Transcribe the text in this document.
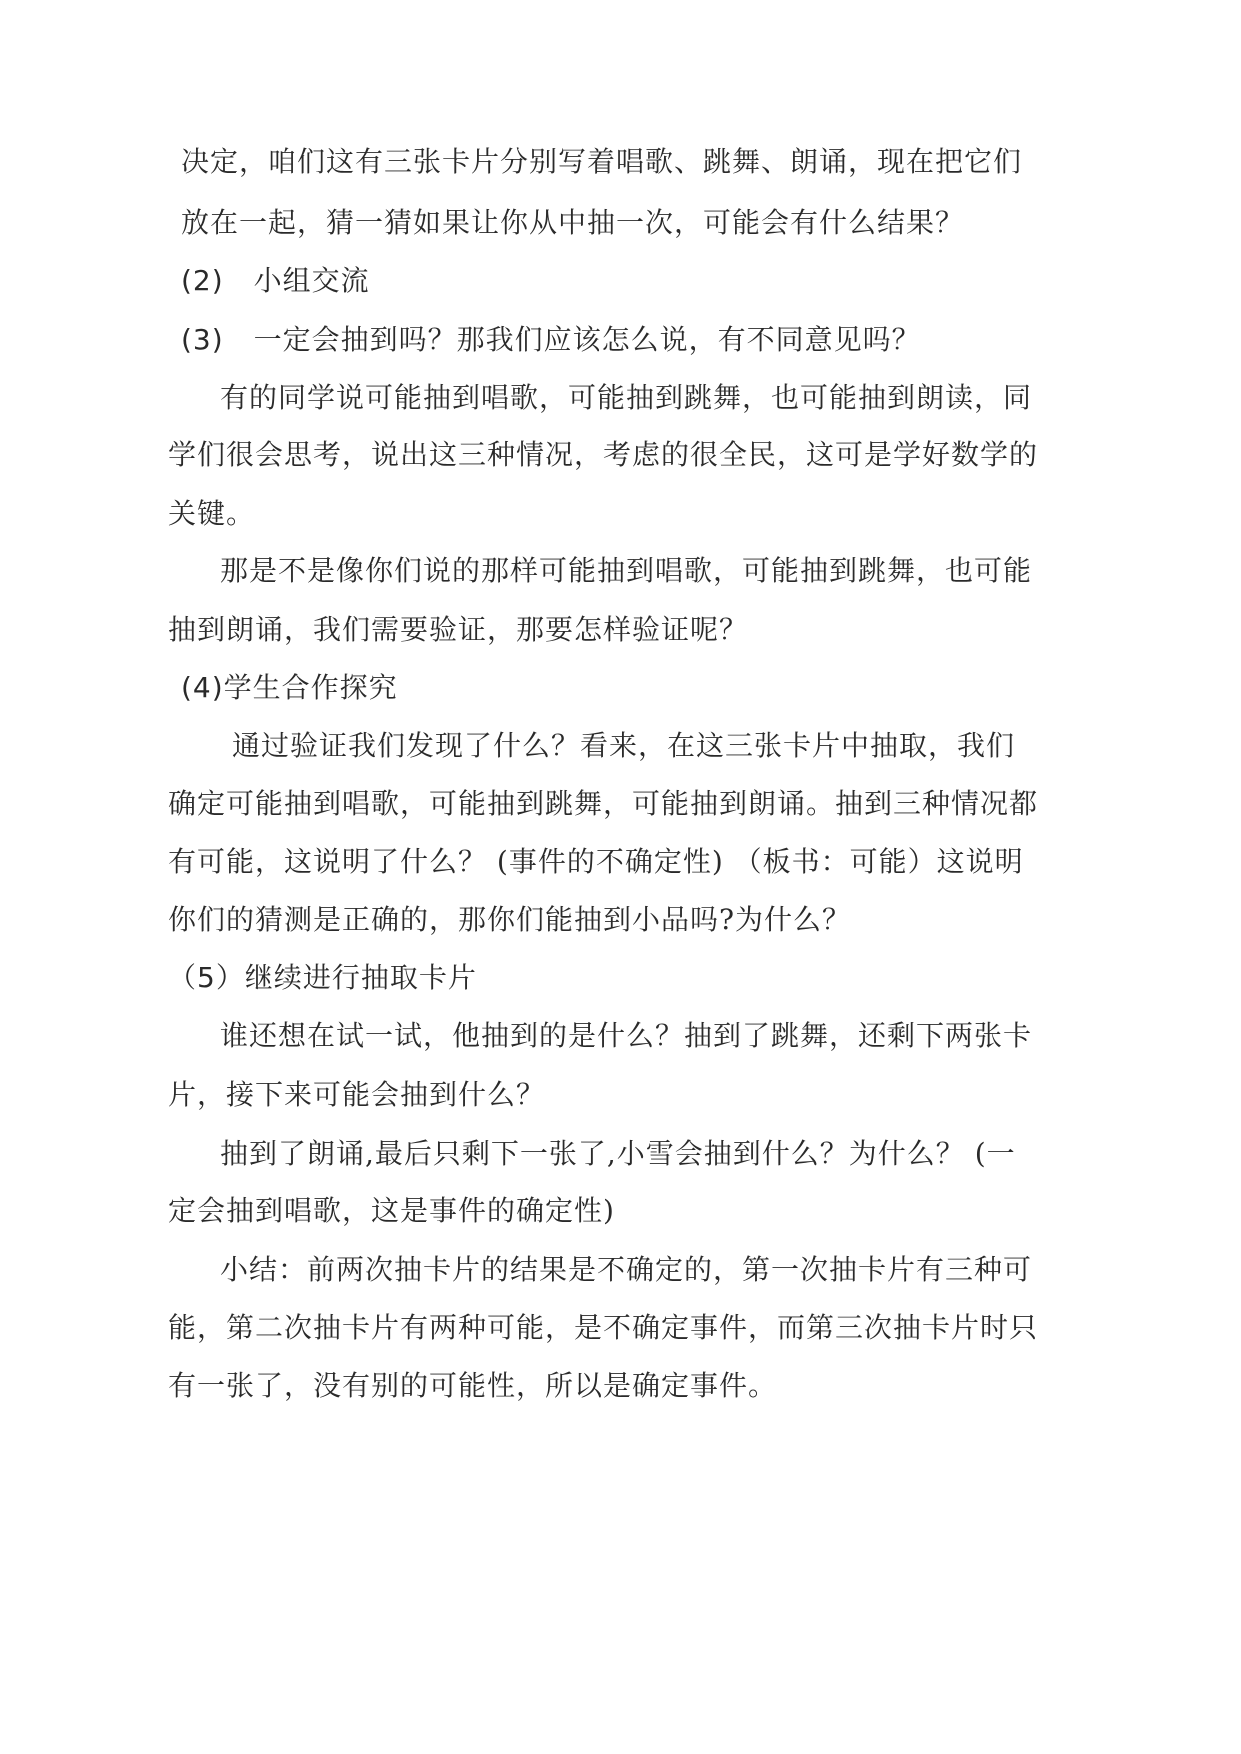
决定，咱们这有三张卡片分别写着唱歌、跳舞、朗诵，现在把它们
放在一起，猜一猜如果让你从中抽一次，可能会有什么结果？
(2) 小组交流
(3) 一定会抽到吗？那我们应该怎么说，有不同意见吗？
有的同学说可能抽到唱歌，可能抽到跳舞，也可能抽到朗读，同
学们很会思考，说出这三种情况，考虑的很全民，这可是学好数学的
关键。
那是不是像你们说的那样可能抽到唱歌，可能抽到跳舞，也可能
抽到朗诵，我们需要验证，那要怎样验证呢？
(4)学生合作探究
通过验证我们发现了什么？看来，在这三张卡片中抽取，我们
确定可能抽到唱歌，可能抽到跳舞，可能抽到朗诵。抽到三种情况都
有可能，这说明了什么？ (事件的不确定性) （板书：可能）这说明
你们的猜测是正确的，那你们能抽到小品吗?为什么？
（5）继续进行抽取卡片
谁还想在试一试，他抽到的是什么？抽到了跳舞，还剩下两张卡
片，接下来可能会抽到什么？
抽到了朗诵,最后只剩下一张了,小雪会抽到什么？为什么？ (一
定会抽到唱歌，这是事件的确定性)
小结：前两次抽卡片的结果是不确定的，第一次抽卡片有三种可
能，第二次抽卡片有两种可能，是不确定事件，而第三次抽卡片时只
有一张了，没有别的可能性，所以是确定事件。
